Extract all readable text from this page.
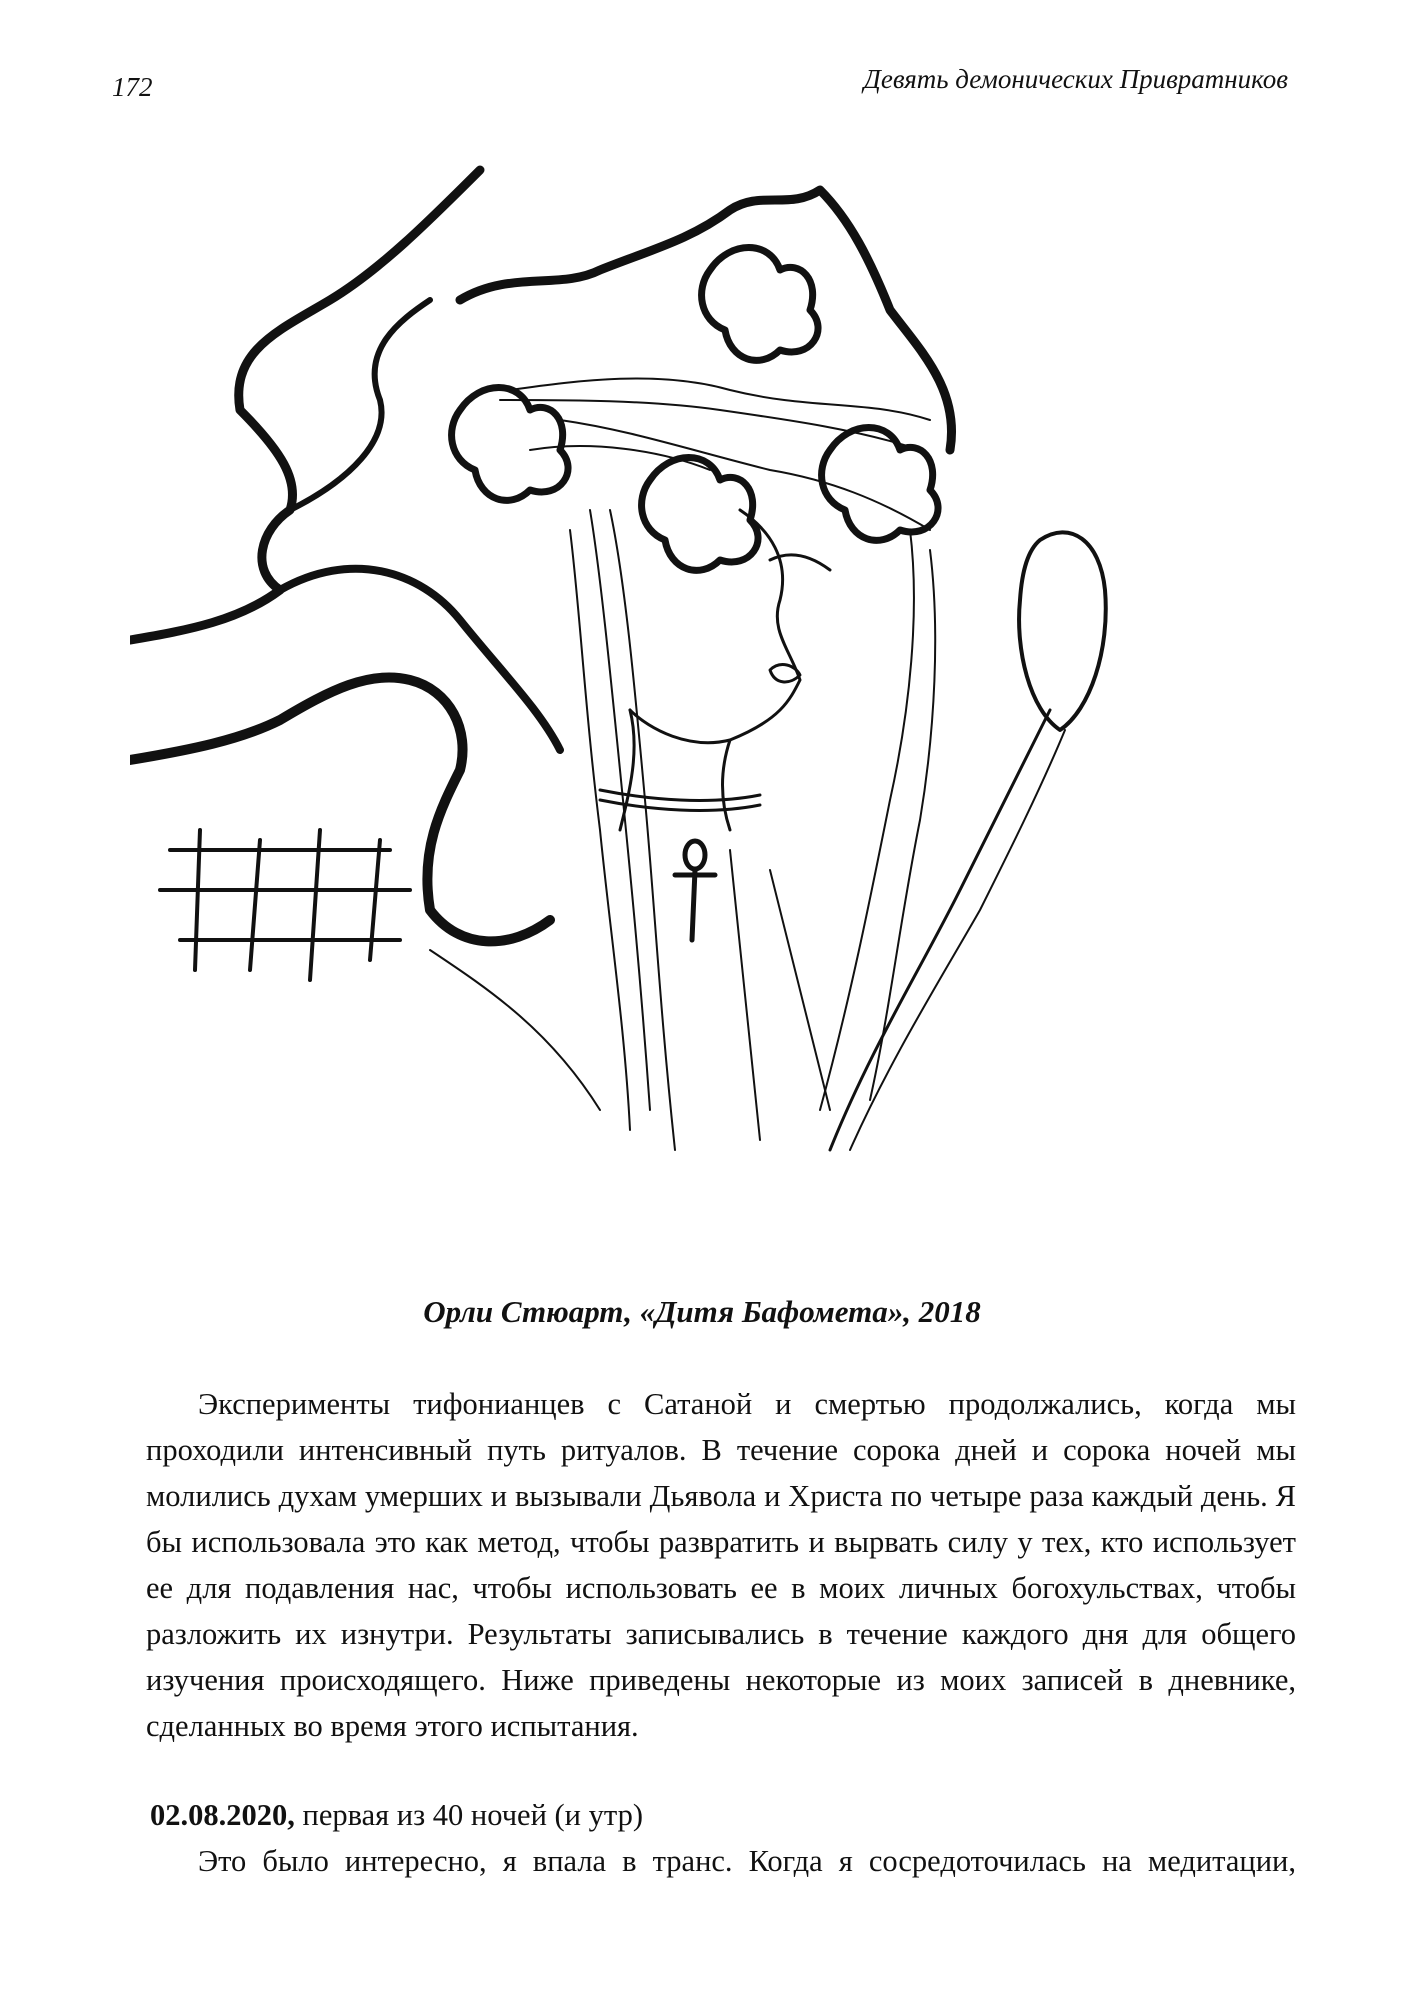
172	Девять демонических Привратников
Орли Стюарт, «Дитя Бафомета», 2018

Эксперименты тифонианцев с Сатаной и смертью продолжались, когда мы проходили интенсивный путь ритуалов. В течение сорока дней и сорока ночей мы молились духам умерших и вызывали Дьявола и Христа по четыре раза каждый день. Я бы использовала это как метод, чтобы развратить и вырвать силу у тех, кто использует ее для подавления нас, чтобы использовать ее в моих личных богохульствах, чтобы разложить их изнутри. Результаты записывались в течение каждого дня для общего изучения происходящего. Ниже приведены некоторые из моих записей в дневнике, сделанных во время этого испытания.

02.08.2020, первая из 40 ночей (и утр)
Это было интересно, я впала в транс. Когда я сосредоточилась на медитации,
